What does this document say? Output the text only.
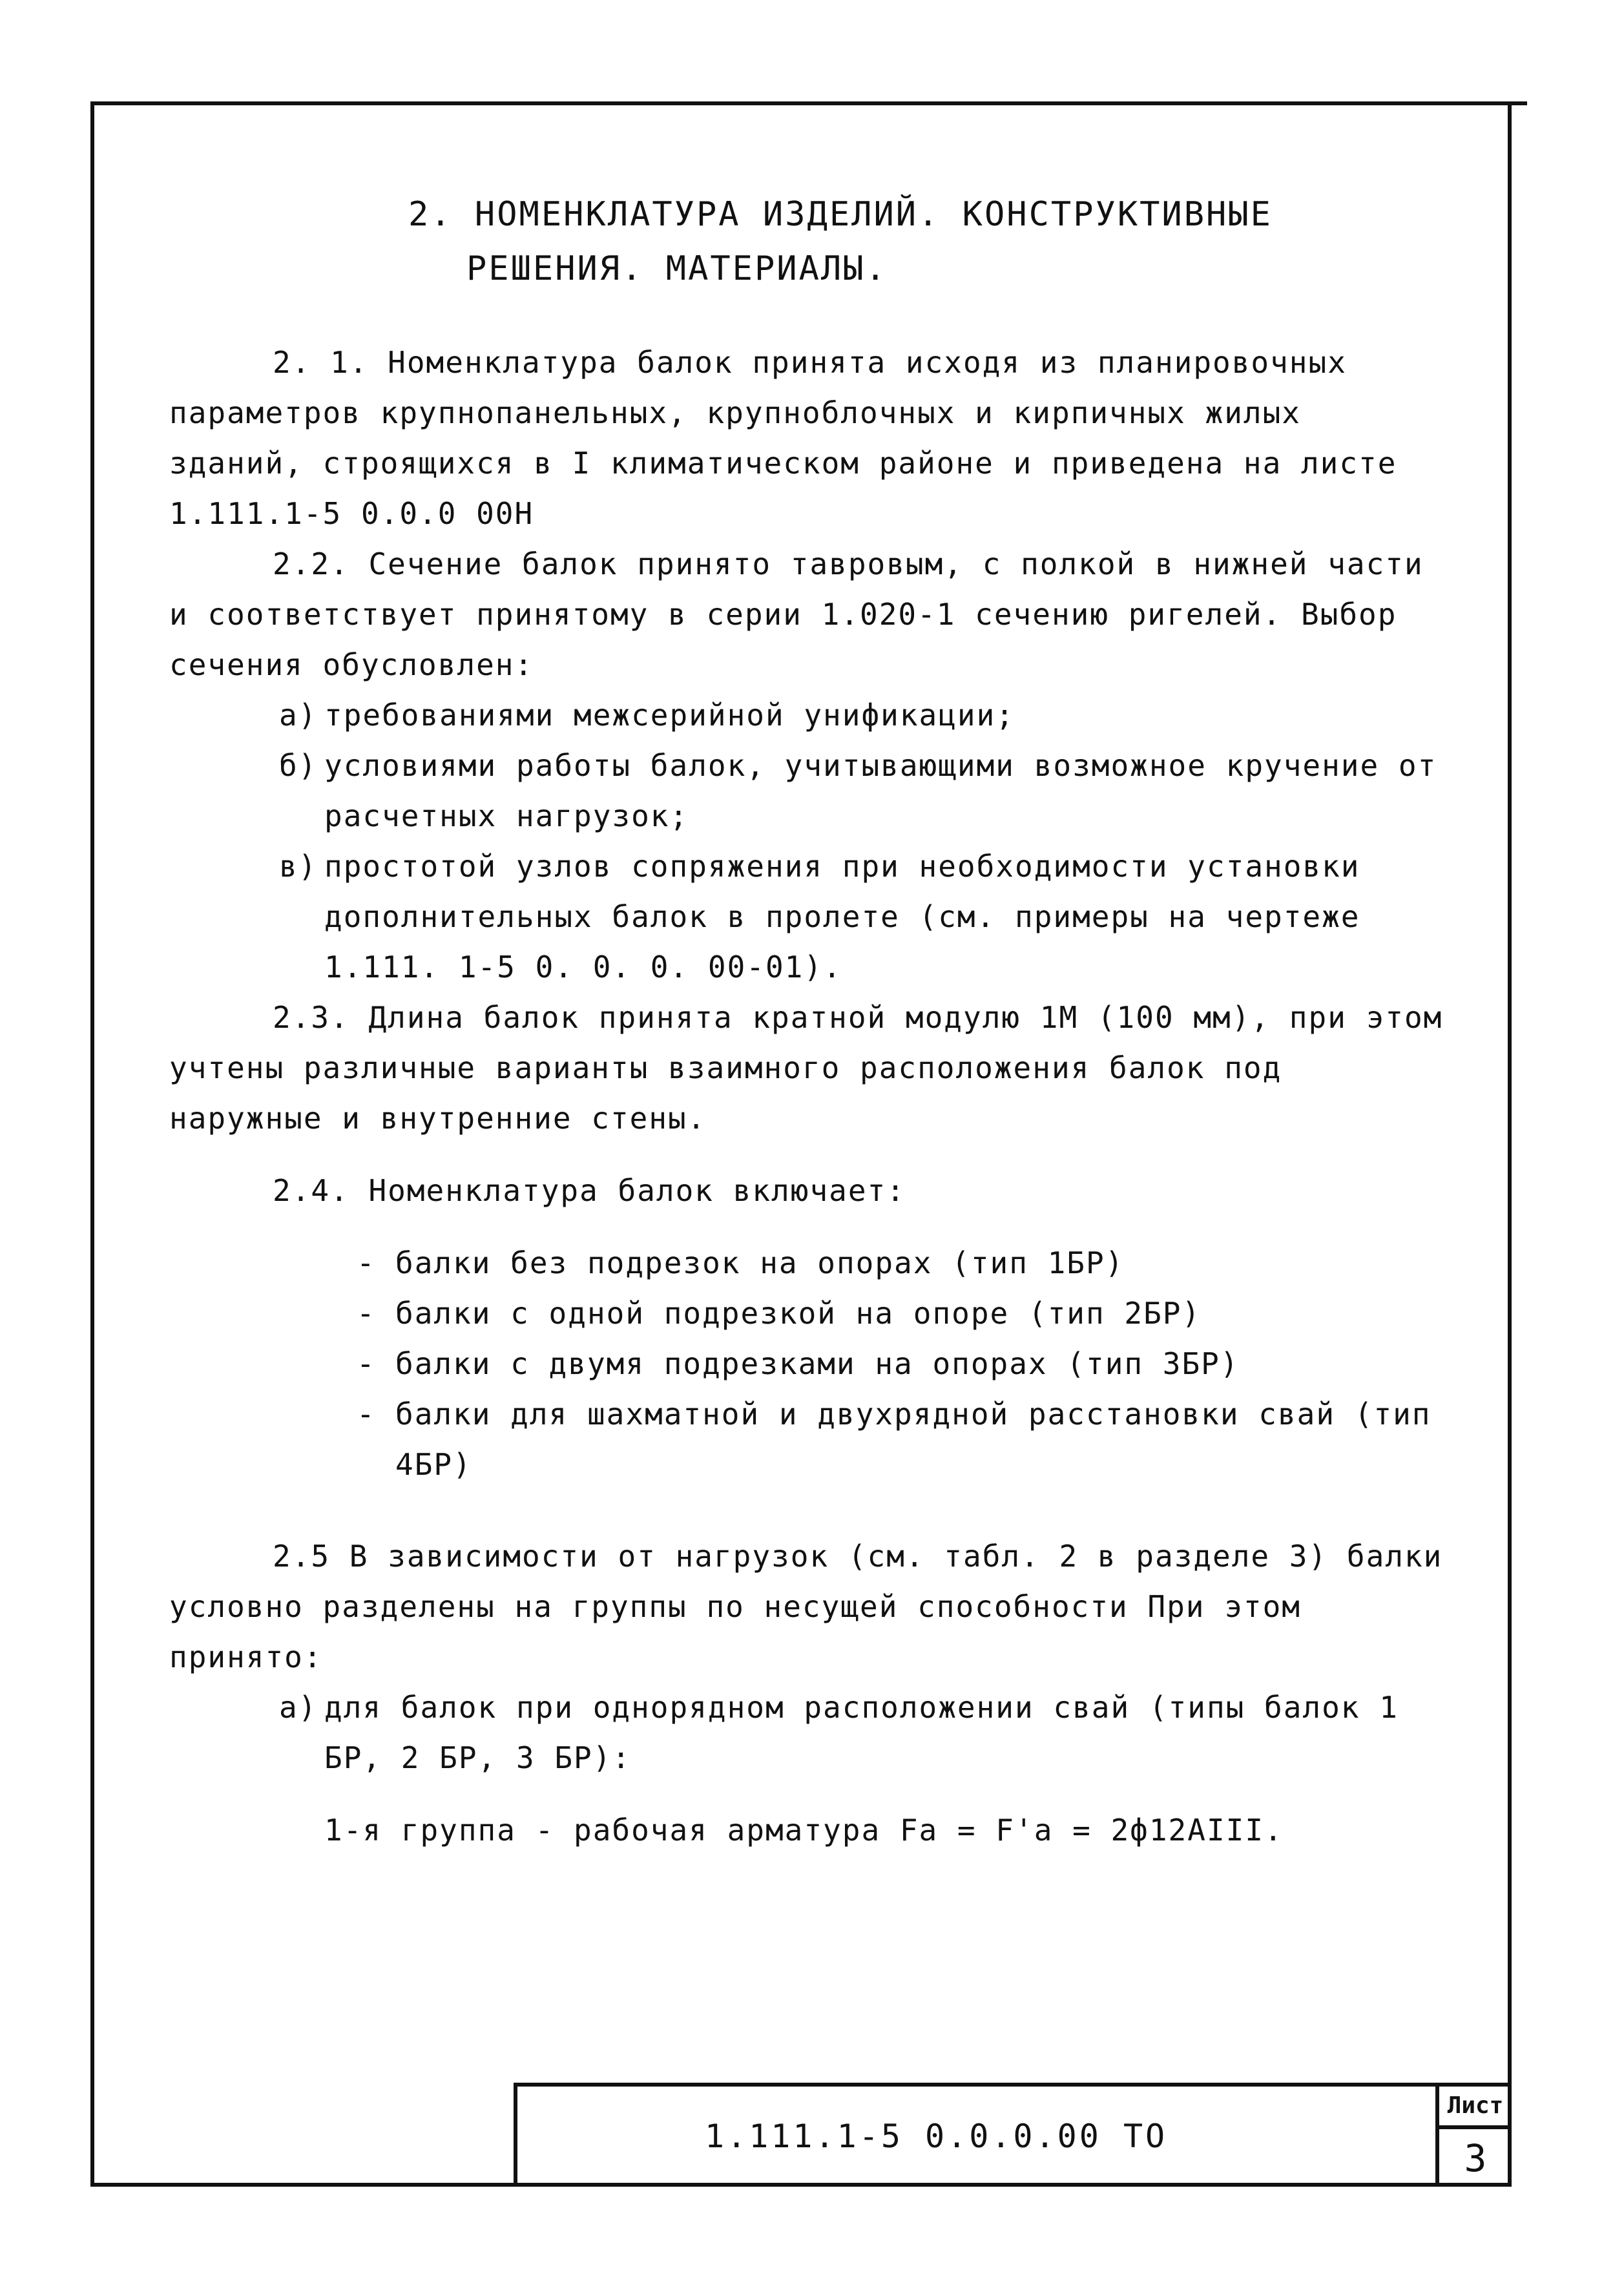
2. НОМЕНКЛАТУРА ИЗДЕЛИЙ. КОНСТРУКТИВНЫЕ
РЕШЕНИЯ. МАТЕРИАЛЫ.

2. 1. Номенклатура балок принята исходя из планировочных параметров крупнопанельных, крупноблочных и кирпичных жилых зданий, строящихся в I климатическом районе и приведена на листе 1.111.1-5 0.0.0 00Н

2.2. Сечение балок принято тавровым, с полкой в нижней части и соответствует принятому в серии 1.020-1 сечению ригелей. Выбор сечения обусловлен:

а) требованиями межсерийной унификации;
б) условиями работы балок, учитывающими возможное кручение от расчетных нагрузок;
в) простотой узлов сопряжения при необходимости установки дополнительных балок в пролете (см. примеры на чертеже 1.111. 1-5 0. 0. 0. 00-01).

2.3. Длина балок принята кратной модулю 1М (100 мм), при этом учтены различные варианты взаимного расположения балок под наружные и внутренние стены.

2.4. Номенклатура балок включает:

- балки без подрезок на опорах (тип 1БР)
- балки с одной подрезкой на опоре (тип 2БР)
- балки с двумя подрезками на опорах (тип 3БР)
- балки для шахматной и двухрядной расстановки свай (тип 4БР)

2.5 В зависимости от нагрузок (см. табл. 2 в разделе 3) балки условно разделены на группы по несущей способности При этом принято:

а) для балок при однорядном расположении свай (типы балок 1 БР, 2 БР, 3 БР):

1-я группа - рабочая арматура Fa = F'a = 2ф12АIII.

1.111.1-5 0.0.0.00 ТО
Лист
3
